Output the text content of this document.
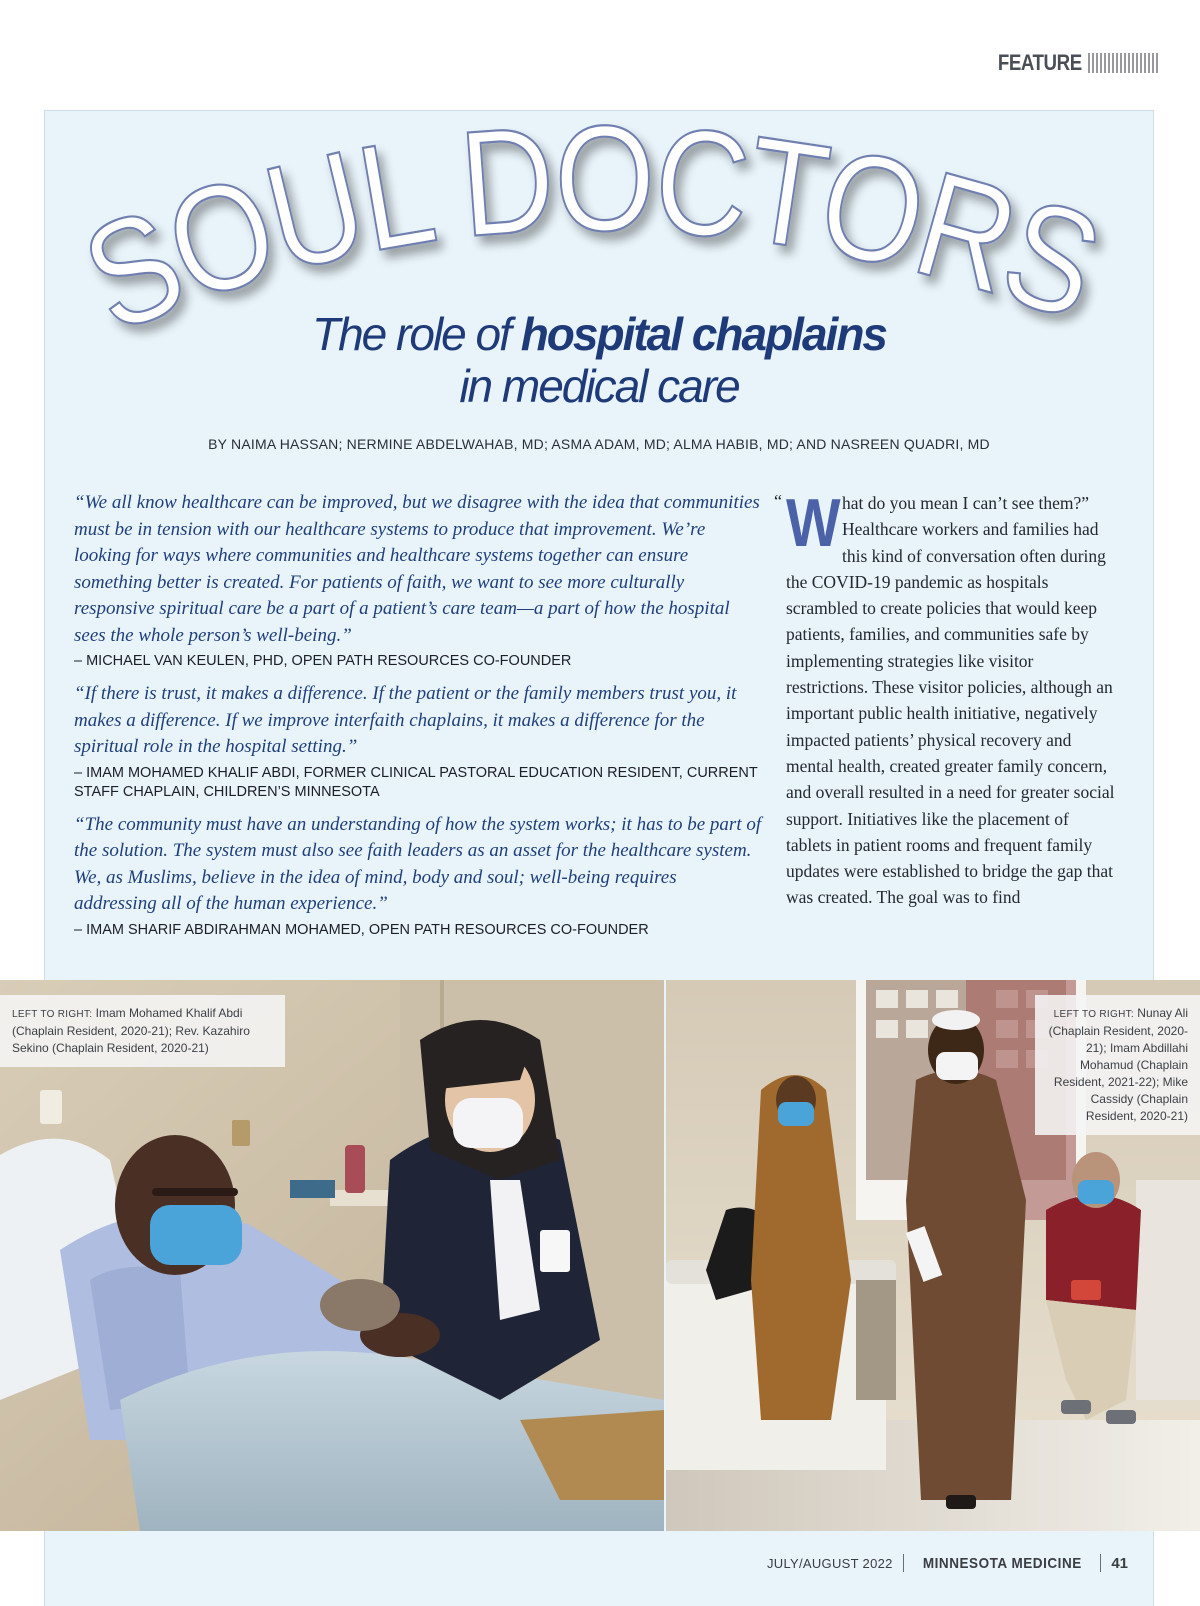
FEATURE
SOUL DOCTORS
The role of hospital chaplains
in medical care
BY NAIMA HASSAN; NERMINE ABDELWAHAB, MD; ASMA ADAM, MD; ALMA HABIB, MD; AND NASREEN QUADRI, MD
“We all know healthcare can be improved, but we disagree with the idea that communities must be in tension with our healthcare systems to produce that improvement. We’re looking for ways where communities and healthcare systems together can ensure something better is created. For patients of faith, we want to see more culturally responsive spiritual care be a part of a patient’s care team—a part of how the hospital sees the whole person’s well-being.”
– MICHAEL VAN KEULEN, PHD, OPEN PATH RESOURCES CO-FOUNDER
“If there is trust, it makes a difference. If the patient or the family members trust you, it makes a difference. If we improve interfaith chaplains, it makes a difference for the spiritual role in the hospital setting.”
– IMAM MOHAMED KHALIF ABDI, FORMER CLINICAL PASTORAL EDUCATION RESIDENT, CURRENT STAFF CHAPLAIN, CHILDREN’S MINNESOTA
“The community must have an understanding of how the system works; it has to be part of the solution. The system must also see faith leaders as an asset for the healthcare system. We, as Muslims, believe in the idea of mind, body and soul; well-being requires addressing all of the human experience.”
– IMAM SHARIF ABDIRAHMAN MOHAMED, OPEN PATH RESOURCES CO-FOUNDER
“ W hat do you mean I can’t see them?” Healthcare workers and families had this kind of conversation often during the COVID-19 pandemic as hospitals scrambled to create policies that would keep patients, families, and communities safe by implementing strategies like visitor restrictions. These visitor policies, although an important public health initiative, negatively impacted patients’ physical recovery and mental health, created greater family concern, and overall resulted in a need for greater social support. Initiatives like the placement of tablets in patient rooms and frequent family updates were established to bridge the gap that was created. The goal was to find
LEFT TO RIGHT: Imam Mohamed Khalif Abdi (Chaplain Resident, 2020-21); Rev. Kazahiro Sekino (Chaplain Resident, 2020-21)
LEFT TO RIGHT: Nunay Ali (Chaplain Resident, 2020-21); Imam Abdillahi Mohamud (Chaplain Resident, 2021-22); Mike Cassidy (Chaplain Resident, 2020-21)
JULY/AUGUST 2022 MINNESOTA MEDICINE 41
